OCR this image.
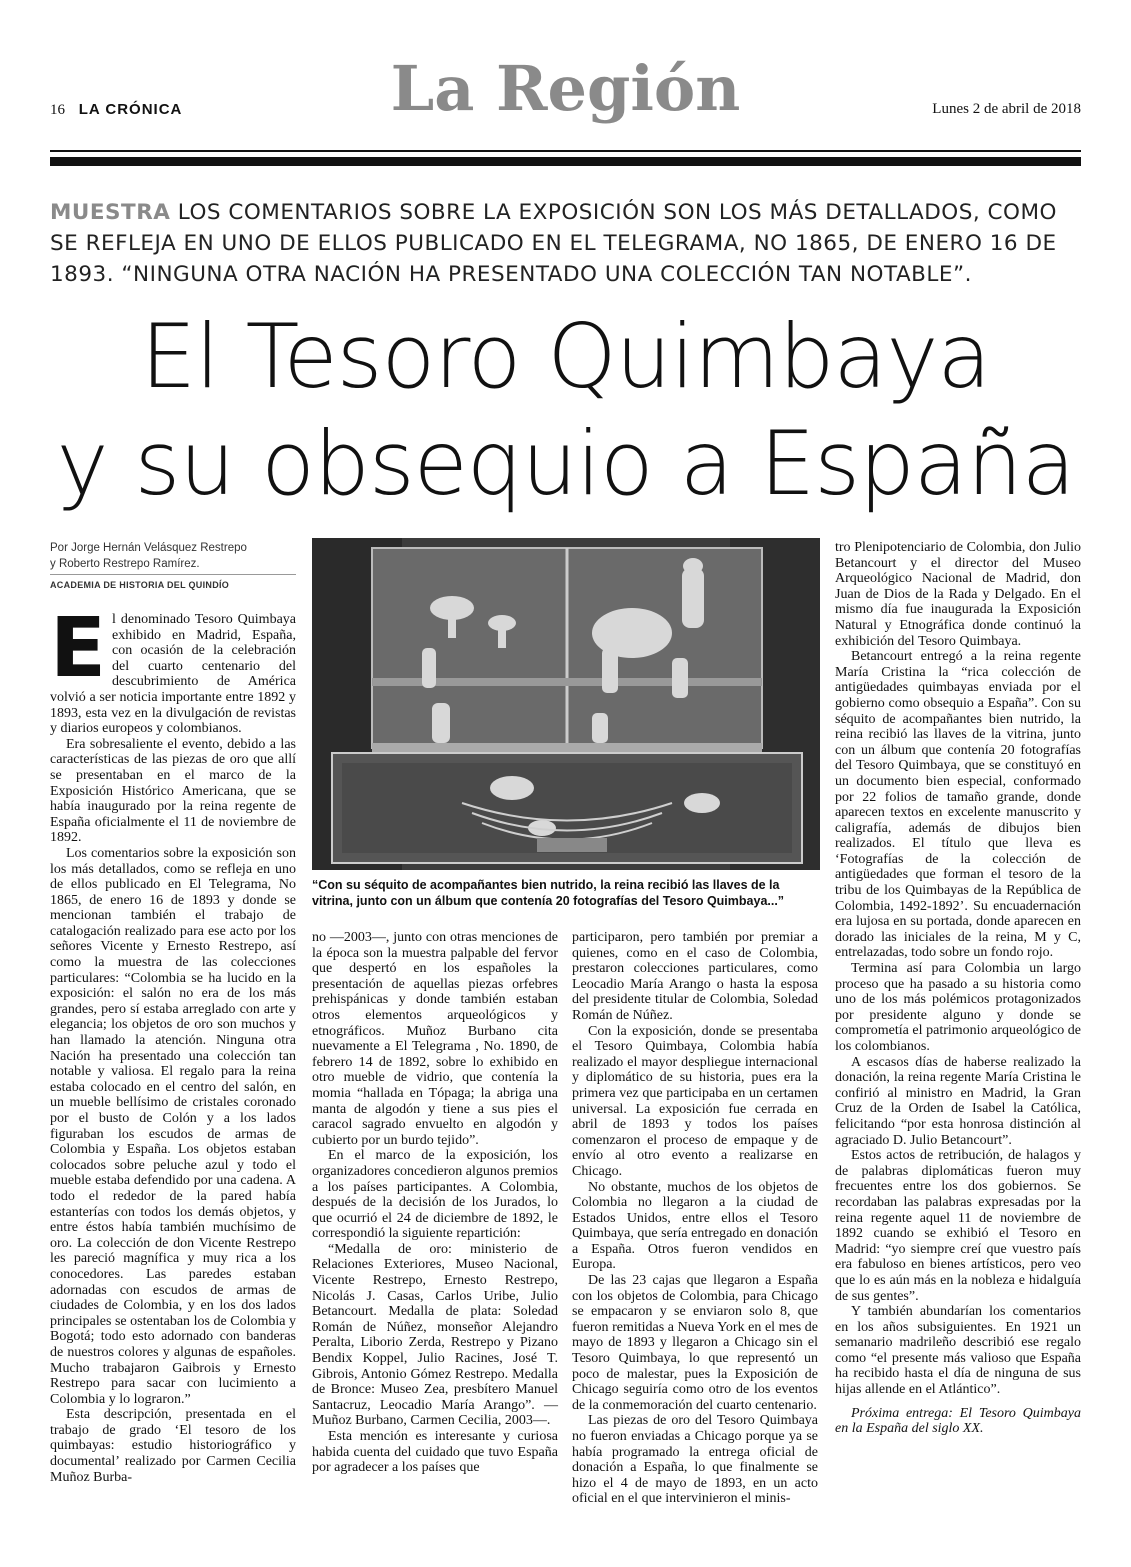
16 LA CRÓNICA	La Región	Lunes 2 de abril de 2018
MUESTRA LOS COMENTARIOS SOBRE LA EXPOSICIÓN SON LOS MÁS DETALLADOS, COMO SE REFLEJA EN UNO DE ELLOS PUBLICADO EN EL TELEGRAMA, NO 1865, DE ENERO 16 DE 1893. “NINGUNA OTRA NACIÓN HA PRESENTADO UNA COLECCIÓN TAN NOTABLE”.
El Tesoro Quimbaya
y su obsequio a España
Por Jorge Hernán Velásquez Restrepo
y Roberto Restrepo Ramírez.
ACADEMIA DE HISTORIA DEL QUINDÍO
E l denominado Tesoro Quimbaya exhibido en Madrid, España, con ocasión de la celebración del cuarto centenario del descubrimiento de América volvió a ser noticia importante entre 1892 y 1893, esta vez en la divulgación de revistas y diarios europeos y colombianos.

Era sobresaliente el evento, debido a las características de las piezas de oro que allí se presentaban en el marco de la Exposición Histórico Americana, que se había inaugurado por la reina regente de España oficialmente el 11 de noviembre de 1892.

Los comentarios sobre la exposición son los más detallados, como se refleja en uno de ellos publicado en El Telegrama, No 1865, de enero 16 de 1893 y donde se mencionan también el trabajo de catalogación realizado para ese acto por los señores Vicente y Ernesto Restrepo, así como la muestra de las colecciones particulares: “Colombia se ha lucido en la exposición: el salón no era de los más grandes, pero sí estaba arreglado con arte y elegancia; los objetos de oro son muchos y han llamado la atención. Ninguna otra Nación ha presentado una colección tan notable y valiosa. El regalo para la reina estaba colocado en el centro del salón, en un mueble bellísimo de cristales coronado por el busto de Colón y a los lados figuraban los escudos de armas de Colombia y España. Los objetos estaban colocados sobre peluche azul y todo el mueble estaba defendido por una cadena. A todo el rededor de la pared había estanterías con todos los demás objetos, y entre éstos había también muchísimo de oro. La colección de don Vicente Restrepo les pareció magnífica y muy rica a los conocedores. Las paredes estaban adornadas con escudos de armas de ciudades de Colombia, y en los dos lados principales se ostentaban los de Colombia y Bogotá; todo esto adornado con banderas de nuestros colores y algunas de españoles. Mucho trabajaron Gaibrois y Ernesto Restrepo para sacar con lucimiento a Colombia y lo lograron.”

Esta descripción, presentada en el trabajo de grado ‘El tesoro de los quimbayas: estudio historiográfico y documental’ realizado por Carmen Cecilia Muñoz Burba-

“Con su séquito de acompañantes bien nutrido, la reina recibió las llaves de la vitrina, junto con un álbum que contenía 20 fotografías del Tesoro Quimbaya...”

no —2003—, junto con otras menciones de la época son la muestra palpable del fervor que despertó en los españoles la presentación de aquellas piezas orfebres prehispánicas y donde también estaban otros elementos arqueológicos y etnográficos. Muñoz Burbano cita nuevamente a El Telegrama , No. 1890, de febrero 14 de 1892, sobre lo exhibido en otro mueble de vidrio, que contenía la momia “hallada en Tópaga; la abriga una manta de algodón y tiene a sus pies el caracol sagrado envuelto en algodón y cubierto por un burdo tejido”.

En el marco de la exposición, los organizadores concedieron algunos premios a los países participantes. A Colombia, después de la decisión de los Jurados, lo que ocurrió el 24 de diciembre de 1892, le correspondió la siguiente repartición:

“Medalla de oro: ministerio de Relaciones Exteriores, Museo Nacional, Vicente Restrepo, Ernesto Restrepo, Nicolás J. Casas, Carlos Uribe, Julio Betancourt. Medalla de plata: Soledad Román de Núñez, monseñor Alejandro Peralta, Liborio Zerda, Restrepo y Pizano Bendix Koppel, Julio Racines, José T. Gibrois, Antonio Gómez Restrepo. Medalla de Bronce: Museo Zea, presbítero Manuel Santacruz, Leocadio María Arango”. —Muñoz Burbano, Carmen Cecilia, 2003—.

Esta mención es interesante y curiosa habida cuenta del cuidado que tuvo España por agradecer a los países que

participaron, pero también por premiar a quienes, como en el caso de Colombia, prestaron colecciones particulares, como Leocadio María Arango o hasta la esposa del presidente titular de Colombia, Soledad Román de Núñez.

Con la exposición, donde se presentaba el Tesoro Quimbaya, Colombia había realizado el mayor despliegue internacional y diplomático de su historia, pues era la primera vez que participaba en un certamen universal. La exposición fue cerrada en abril de 1893 y todos los países comenzaron el proceso de empaque y de envío al otro evento a realizarse en Chicago.

No obstante, muchos de los objetos de Colombia no llegaron a la ciudad de Estados Unidos, entre ellos el Tesoro Quimbaya, que sería entregado en donación a España. Otros fueron vendidos en Europa.

De las 23 cajas que llegaron a España con los objetos de Colombia, para Chicago se empacaron y se enviaron solo 8, que fueron remitidas a Nueva York en el mes de mayo de 1893 y llegaron a Chicago sin el Tesoro Quimbaya, lo que representó un poco de malestar, pues la Exposición de Chicago seguiría como otro de los eventos de la conmemoración del cuarto centenario.

Las piezas de oro del Tesoro Quimbaya no fueron enviadas a Chicago porque ya se había programado la entrega oficial de donación a España, lo que finalmente se hizo el 4 de mayo de 1893, en un acto oficial en el que intervinieron el minis-

tro Plenipotenciario de Colombia, don Julio Betancourt y el director del Museo Arqueológico Nacional de Madrid, don Juan de Dios de la Rada y Delgado. En el mismo día fue inaugurada la Exposición Natural y Etnográfica donde continuó la exhibición del Tesoro Quimbaya.

Betancourt entregó a la reina regente María Cristina la “rica colección de antigüedades quimbayas enviada por el gobierno como obsequio a España”. Con su séquito de acompañantes bien nutrido, la reina recibió las llaves de la vitrina, junto con un álbum que contenía 20 fotografías del Tesoro Quimbaya, que se constituyó en un documento bien especial, conformado por 22 folios de tamaño grande, donde aparecen textos en excelente manuscrito y caligrafía, además de dibujos bien realizados. El título que lleva es ‘Fotografías de la colección de antigüedades que forman el tesoro de la tribu de los Quimbayas de la República de Colombia, 1492-1892’. Su encuadernación era lujosa en su portada, donde aparecen en dorado las iniciales de la reina, M y C, entrelazadas, todo sobre un fondo rojo.

Termina así para Colombia un largo proceso que ha pasado a su historia como uno de los más polémicos protagonizados por presidente alguno y donde se comprometía el patrimonio arqueológico de los colombianos.

A escasos días de haberse realizado la donación, la reina regente María Cristina le confirió al ministro en Madrid, la Gran Cruz de la Orden de Isabel la Católica, felicitando “por esta honrosa distinción al agraciado D. Julio Betancourt”.

Estos actos de retribución, de halagos y de palabras diplomáticas fueron muy frecuentes entre los dos gobiernos. Se recordaban las palabras expresadas por la reina regente aquel 11 de noviembre de 1892 cuando se exhibió el Tesoro en Madrid: “yo siempre creí que vuestro país era fabuloso en bienes artísticos, pero veo que lo es aún más en la nobleza e hidalguía de sus gentes”.

Y también abundarían los comentarios en los años subsiguientes. En 1921 un semanario madrileño describió ese regalo como “el presente más valioso que España ha recibido hasta el día de ninguna de sus hijas allende en el Atlántico”.

Próxima entrega: El Tesoro Quimbaya en la España del siglo XX.
